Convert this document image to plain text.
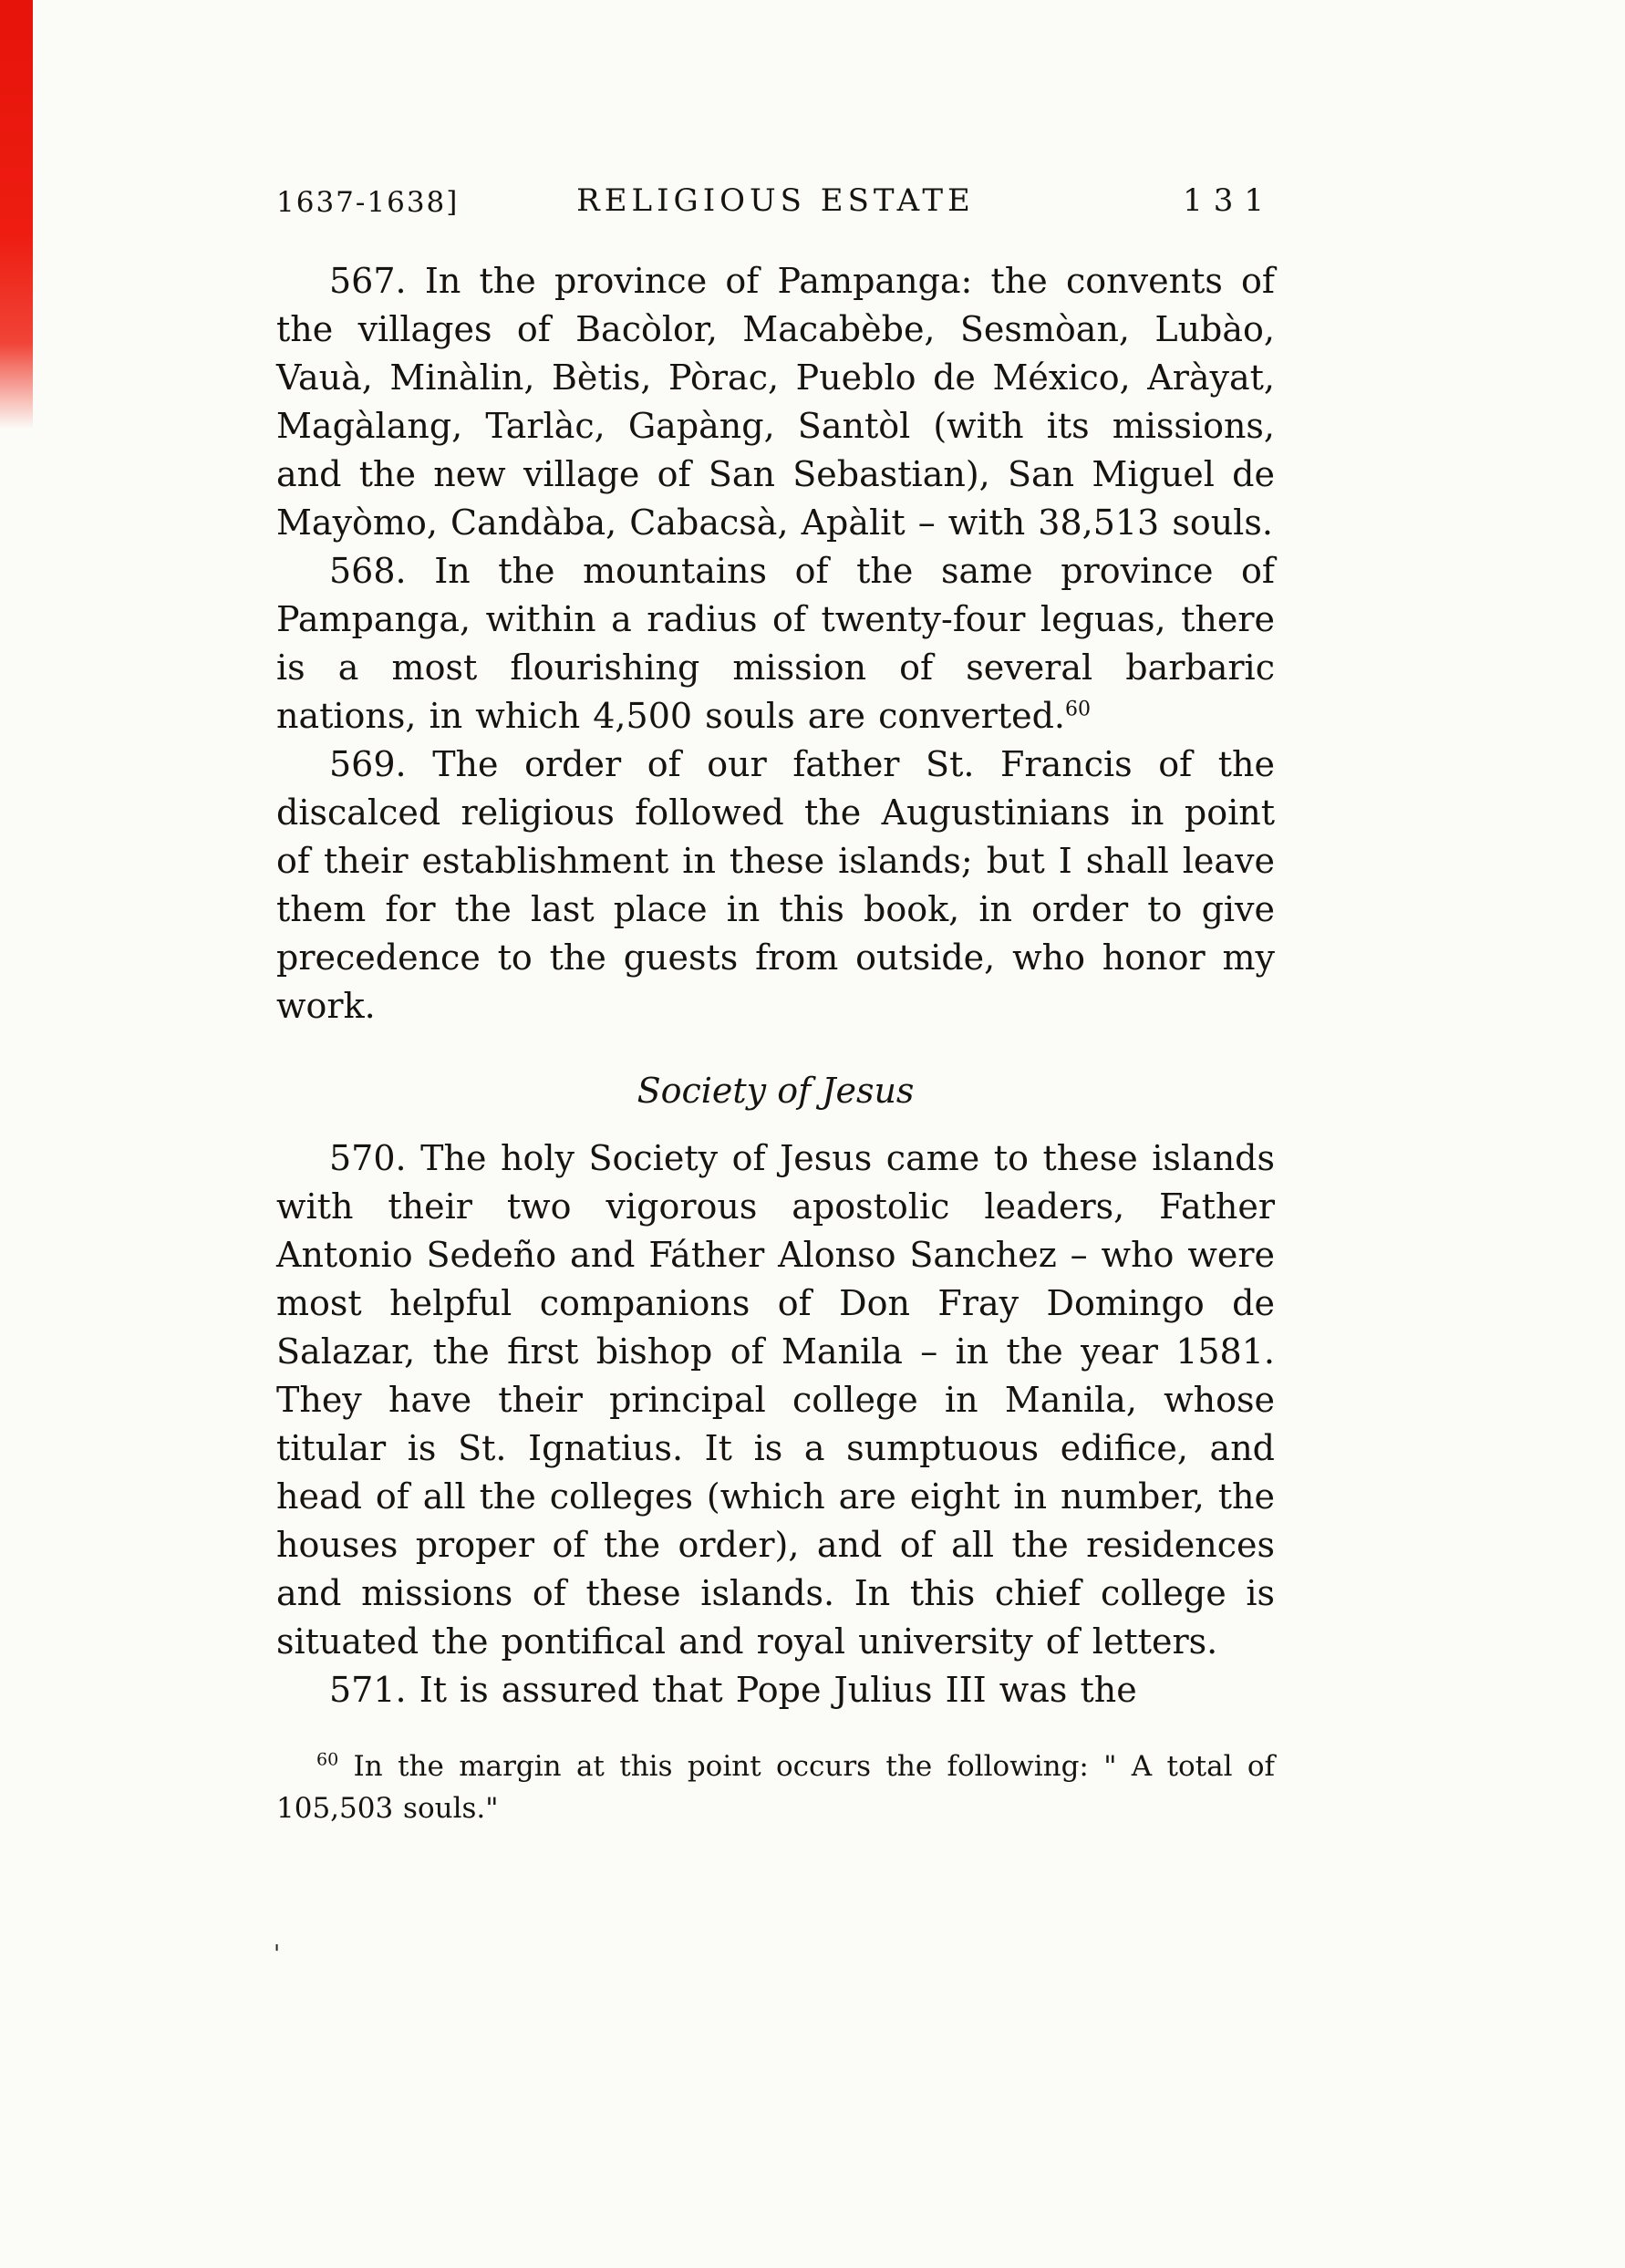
1637-1638]	RELIGIOUS ESTATE	131

567. In the province of Pampanga: the convents of the villages of Bacòlor, Macabèbe, Sesmòan, Lubào, Vauà, Minàlin, Bètis, Pòrac, Pueblo de México, Aràyat, Magàlang, Tarlàc, Gapàng, Santòl (with its missions, and the new village of San Sebastian), San Miguel de Mayòmo, Candàba, Cabacsà, Apàlit – with 38,513 souls.

568. In the mountains of the same province of Pampanga, within a radius of twenty-four leguas, there is a most flourishing mission of several barbaric nations, in which 4,500 souls are converted.$^{60}$

569. The order of our father St. Francis of the discalced religious followed the Augustinians in point of their establishment in these islands; but I shall leave them for the last place in this book, in order to give precedence to the guests from outside, who honor my work.

Society of Jesus

570. The holy Society of Jesus came to these islands with their two vigorous apostolic leaders, Father Antonio Sedeño and Fáther Alonso Sanchez – who were most helpful companions of Don Fray Domingo de Salazar, the first bishop of Manila – in the year 1581. They have their principal college in Manila, whose titular is St. Ignatius. It is a sumptuous edifice, and head of all the colleges (which are eight in number, the houses proper of the order), and of all the residences and missions of these islands. In this chief college is situated the pontifical and royal university of letters.

571. It is assured that Pope Julius III was the

$^{60}$ In the margin at this point occurs the following: " A total of 105,503 souls."
'
